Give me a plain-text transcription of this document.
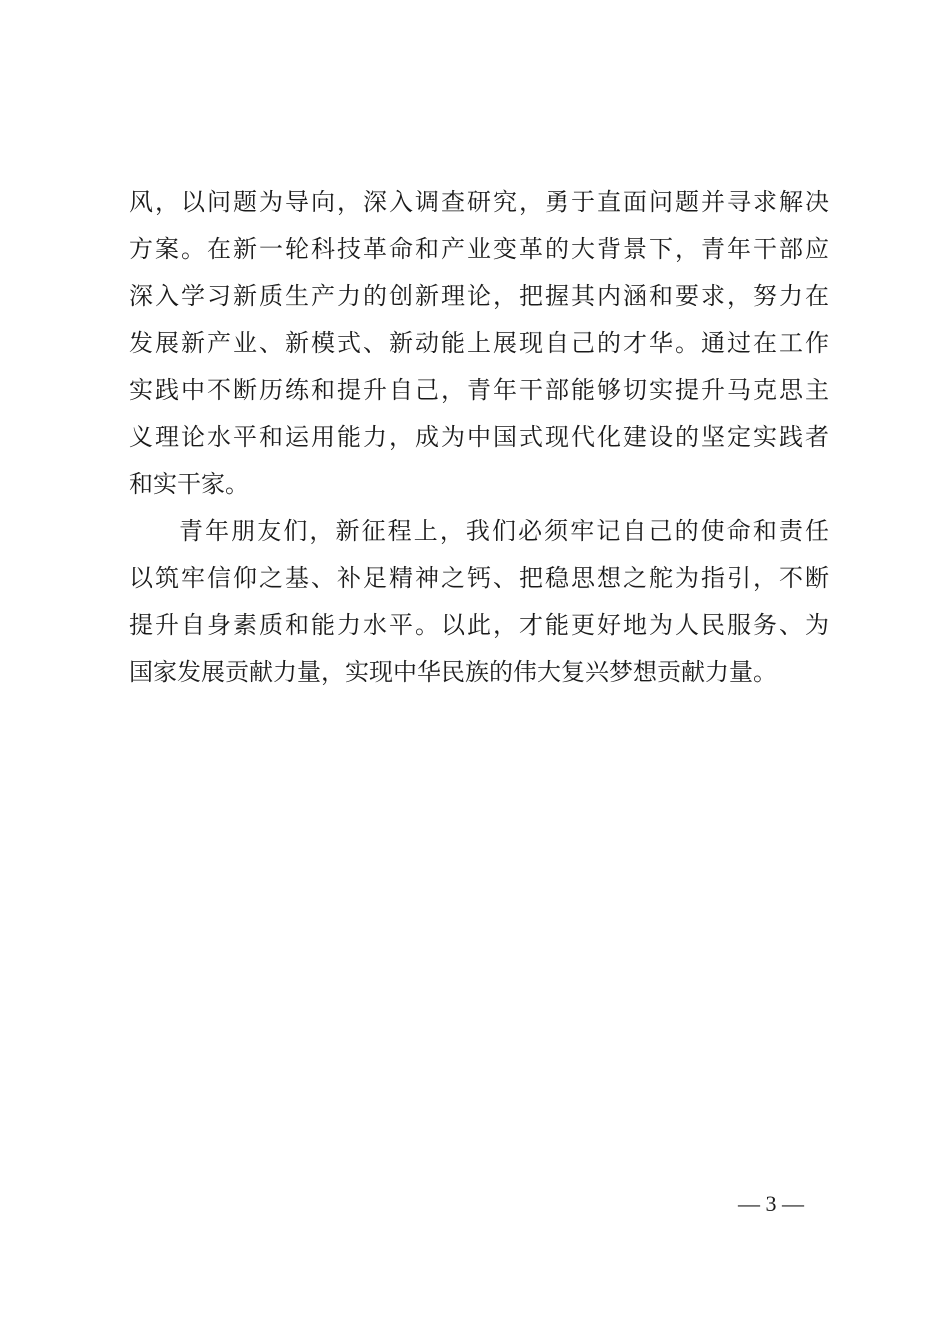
风，以问题为导向，深入调查研究，勇于直面问题并寻求解决
方案。在新一轮科技革命和产业变革的大背景下，青年干部应
深入学习新质生产力的创新理论，把握其内涵和要求，努力在
发展新产业、新模式、新动能上展现自己的才华。通过在工作
实践中不断历练和提升自己，青年干部能够切实提升马克思主
义理论水平和运用能力，成为中国式现代化建设的坚定实践者
和实干家。
青年朋友们，新征程上，我们必须牢记自己的使命和责任
以筑牢信仰之基、补足精神之钙、把稳思想之舵为指引，不断
提升自身素质和能力水平。以此，才能更好地为人民服务、为
国家发展贡献力量，实现中华民族的伟大复兴梦想贡献力量。
— 3 —
